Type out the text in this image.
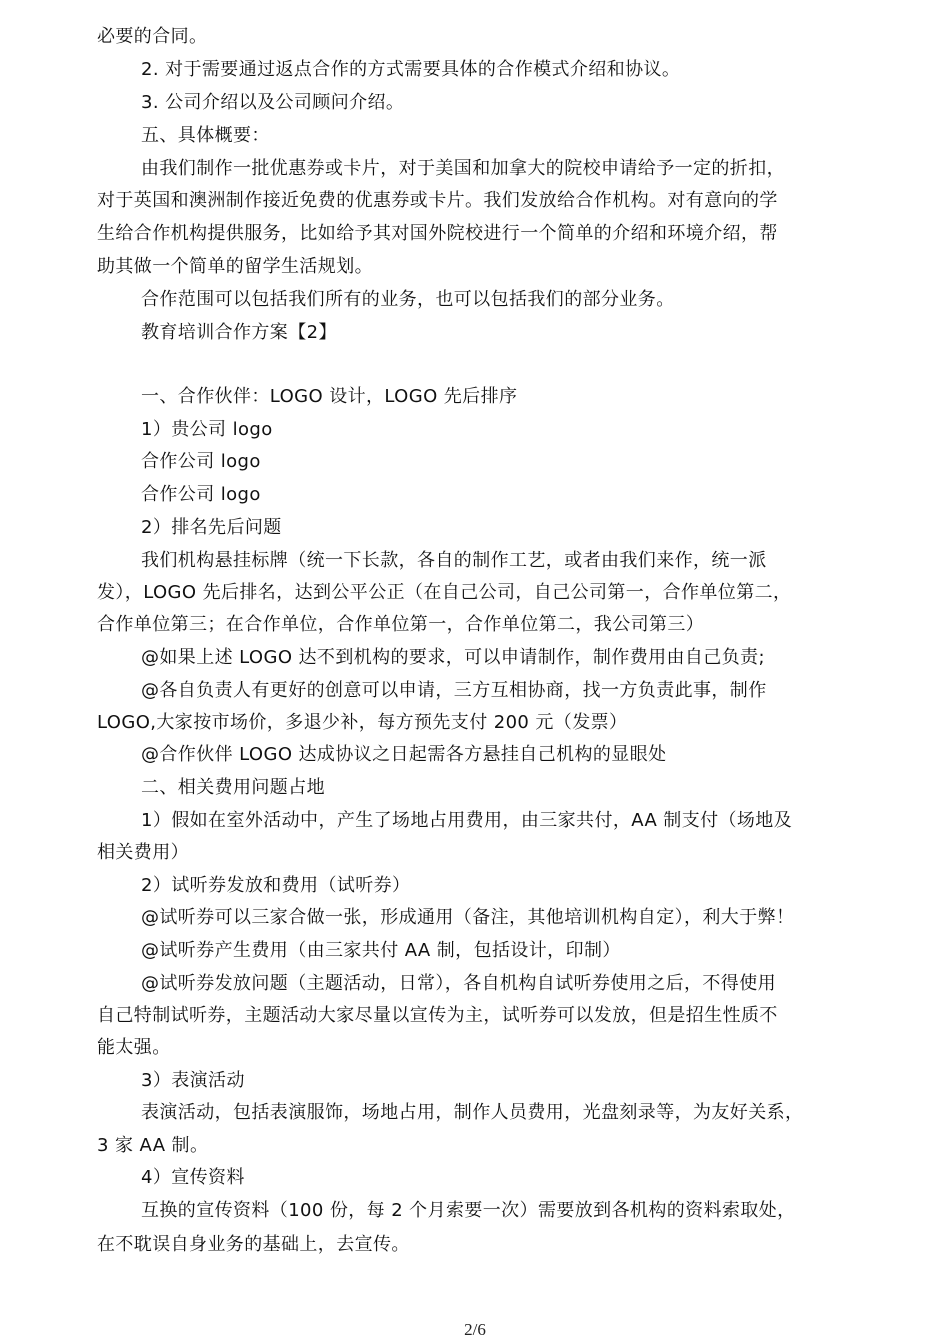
必要的合同。
2. 对于需要通过返点合作的方式需要具体的合作模式介绍和协议。
3. 公司介绍以及公司顾问介绍。
五、具体概要：
由我们制作一批优惠券或卡片，对于美国和加拿大的院校申请给予一定的折扣，
对于英国和澳洲制作接近免费的优惠券或卡片。我们发放给合作机构。对有意向的学
生给合作机构提供服务，比如给予其对国外院校进行一个简单的介绍和环境介绍，帮
助其做一个简单的留学生活规划。
合作范围可以包括我们所有的业务，也可以包括我们的部分业务。
教育培训合作方案【2】
一、合作伙伴：LOGO 设计，LOGO 先后排序
1）贵公司 logo
合作公司 logo
合作公司 logo
2）排名先后问题
我们机构悬挂标牌（统一下长款，各自的制作工艺，或者由我们来作，统一派
发），LOGO 先后排名，达到公平公正（在自己公司，自己公司第一，合作单位第二，
合作单位第三；在合作单位，合作单位第一，合作单位第二，我公司第三）
@如果上述 LOGO 达不到机构的要求，可以申请制作，制作费用由自己负责;
@各自负责人有更好的创意可以申请，三方互相协商，找一方负责此事，制作
LOGO,大家按市场价，多退少补，每方预先支付 200 元（发票）
@合作伙伴 LOGO 达成协议之日起需各方悬挂自己机构的显眼处
二、相关费用问题占地
1）假如在室外活动中，产生了场地占用费用，由三家共付，AA 制支付（场地及
相关费用）
2）试听券发放和费用（试听券）
@试听券可以三家合做一张，形成通用（备注，其他培训机构自定），利大于弊！
@试听券产生费用（由三家共付 AA 制，包括设计，印制）
@试听券发放问题（主题活动，日常），各自机构自试听券使用之后，不得使用
自己特制试听券，主题活动大家尽量以宣传为主，试听券可以发放，但是招生性质不
能太强。
3）表演活动
表演活动，包括表演服饰，场地占用，制作人员费用，光盘刻录等，为友好关系，
3 家 AA 制。
4）宣传资料
互换的宣传资料（100 份，每 2 个月索要一次）需要放到各机构的资料索取处，
在不耽误自身业务的基础上，去宣传。
2/6
